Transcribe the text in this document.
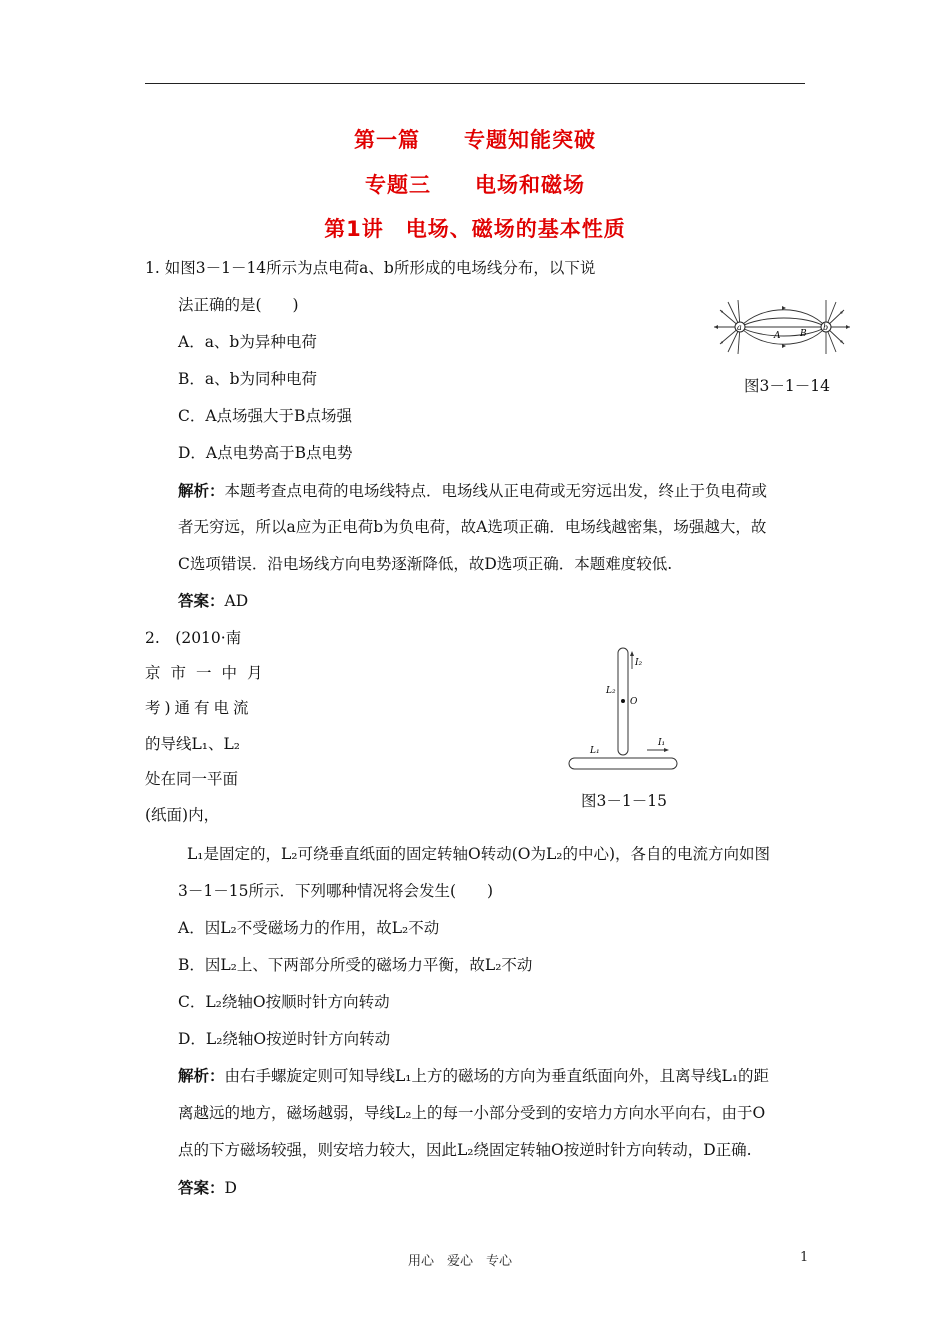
第一篇　　专题知能突破
专题三　　电场和磁场
第1讲　电场、磁场的基本性质
1. 如图3－1－14所示为点电荷a、b所形成的电场线分布，以下说
法正确的是(　　)
A．a、b为异种电荷
B．a、b为同种电荷
C．A点场强大于B点场强
D．A点电势高于B点电势
a	b
A B
图3－1－14
解析：本题考查点电荷的电场线特点．电场线从正电荷或无穷远出发，终止于负电荷或
者无穷远，所以a应为正电荷b为负电荷，故A选项正确．电场线越密集，场强越大，故
C选项错误．沿电场线方向电势逐渐降低，故D选项正确．本题难度较低.
答案：AD
2.　(2010·南
京市一中月
考)通有电流
的导线L₁、L₂
处在同一平面
(纸面)内，
I₂
L₂
O
L₁
I₁
图3－1－15
L₁是固定的，L₂可绕垂直纸面的固定转轴O转动(O为L₂的中心)，各自的电流方向如图
3－1－15所示．下列哪种情况将会发生(　　)
A．因L₂不受磁场力的作用，故L₂不动
B．因L₂上、下两部分所受的磁场力平衡，故L₂不动
C．L₂绕轴O按顺时针方向转动
D．L₂绕轴O按逆时针方向转动
解析：由右手螺旋定则可知导线L₁上方的磁场的方向为垂直纸面向外，且离导线L₁的距
离越远的地方，磁场越弱，导线L₂上的每一小部分受到的安培力方向水平向右，由于O
点的下方磁场较强，则安培力较大，因此L₂绕固定转轴O按逆时针方向转动，D正确.
答案：D
用心　爱心　专心	1
